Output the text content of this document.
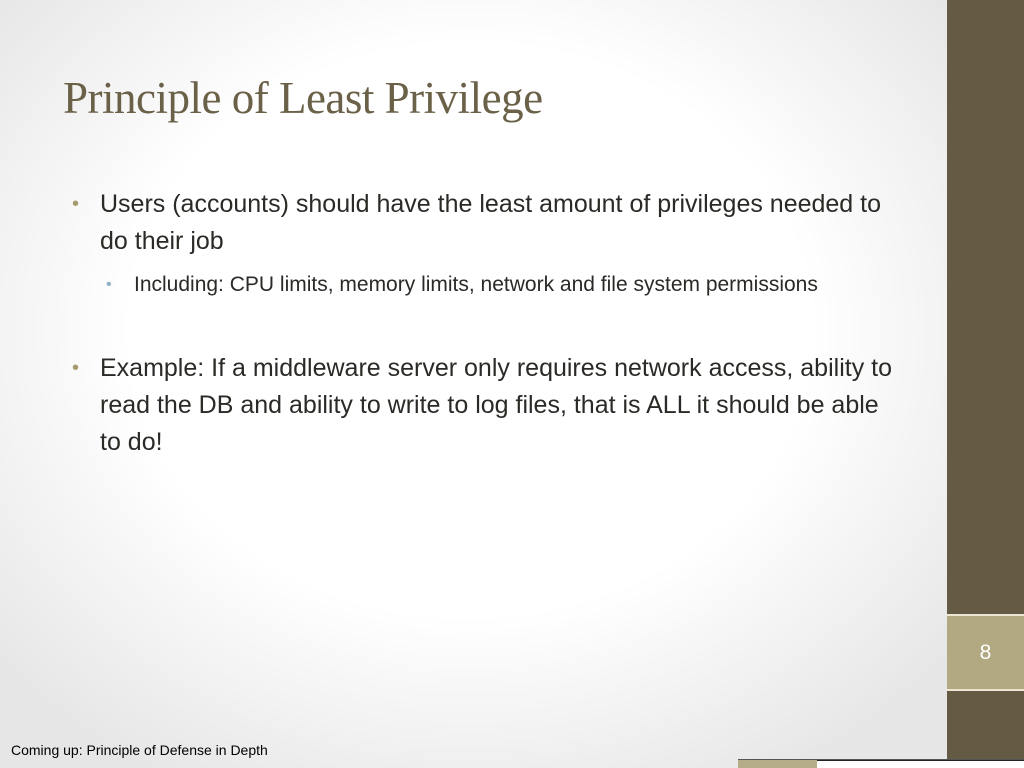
Principle of Least Privilege
• Users (accounts) should have the least amount of privileges needed to do their job
• Including: CPU limits, memory limits, network and file system permissions
• Example: If a middleware server only requires network access, ability to read the DB and ability to write to log files, that is ALL it should be able to do!
8
Coming up: Principle of Defense in Depth
